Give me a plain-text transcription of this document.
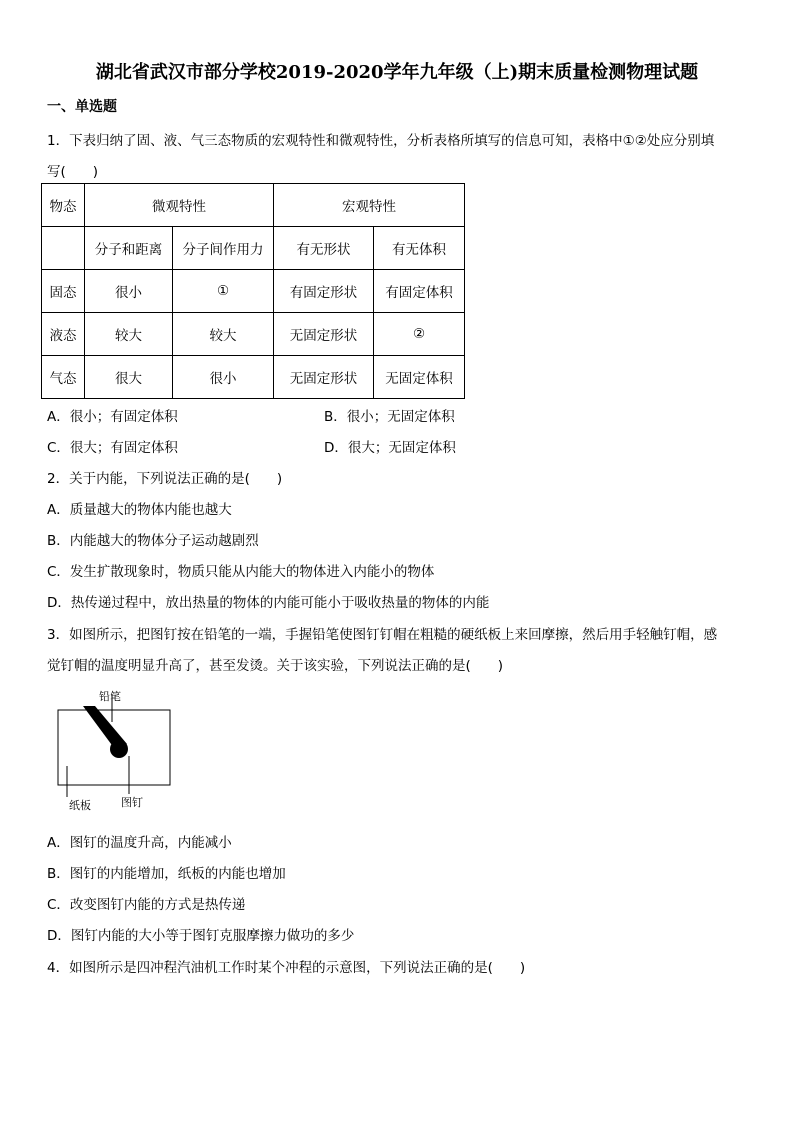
湖北省武汉市部分学校2019-2020学年九年级（上)期末质量检测物理试题
一、单选题
1．下表归纳了固、液、气三态物质的宏观特性和微观特性，分析表格所填写的信息可知，表格中①②处应分别填
写(　　)
物态	微观特性		宏观特性	
	分子和距离	分子间作用力	有无形状	有无体积
固态	很小	①	有固定形状	有固定体积
液态	较大	较大	无固定形状	②
气态	很大	很小	无固定形状	无固定体积
A．很小；有固定体积	B．很小；无固定体积
C．很大；有固定体积	D．很大；无固定体积
2．关于内能，下列说法正确的是(　　)
A．质量越大的物体内能也越大
B．内能越大的物体分子运动越剧烈
C．发生扩散现象时，物质只能从内能大的物体进入内能小的物体
D．热传递过程中，放出热量的物体的内能可能小于吸收热量的物体的内能
3．如图所示，把图钉按在铅笔的一端，手握铅笔使图钉钉帽在粗糙的硬纸板上来回摩擦，然后用手轻触钉帽，感
觉钉帽的温度明显升高了，甚至发烫。关于该实验，下列说法正确的是(　　)
铅笔
纸板	图钉
A．图钉的温度升高，内能减小
B．图钉的内能增加，纸板的内能也增加
C．改变图钉内能的方式是热传递
D．图钉内能的大小等于图钉克服摩擦力做功的多少
4．如图所示是四冲程汽油机工作时某个冲程的示意图，下列说法正确的是(　　)
